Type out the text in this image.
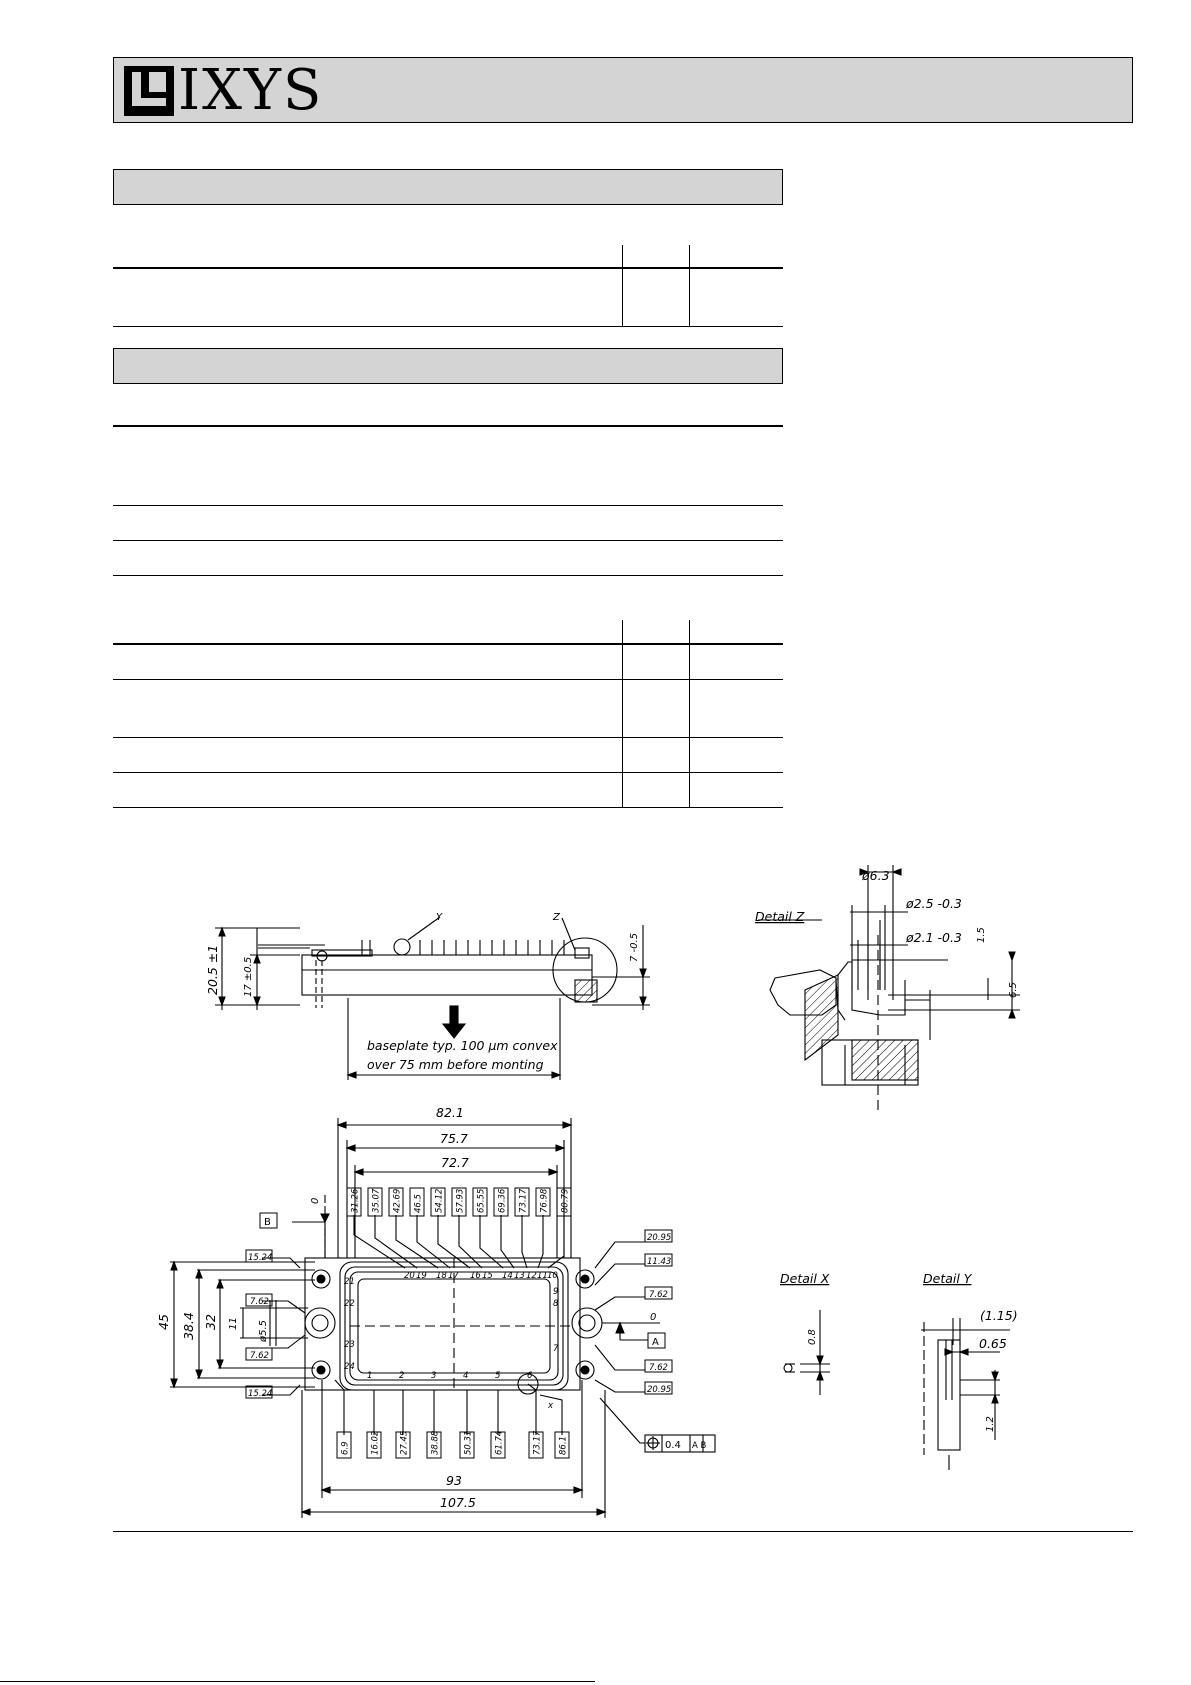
IXYS
Y	Z
baseplate typ. 100 µm convex
over 75 mm before monting
20.5 ±1 17 ±0.5
7 -0.5
82.1
75.7
72.7
93
107.5
45 38.4 32 11 ø5.5
15.24
7.62
7.62
15.24
20.95
11.43
7.62
7.62
20.95
B
A
0
0
0.4 A B
x
31.26 35.07 42.69 46.5 54.12 57.93 65.55 69.36 73.17 76.98 80.79
6.9 16.02 27.45 38.88	50.31 61.74	73.17 86.1
20 19 18 17 16 15 14 13 12 11 10
1	2	3	4	5	6
21
22
23
24
9
8
7
Detail Z
ø6.3
ø2.5 -0.3
ø2.1 -0.3 1.5
6.5
Detail X
0.8
Detail Y
(1.15)
0.65
1.2
